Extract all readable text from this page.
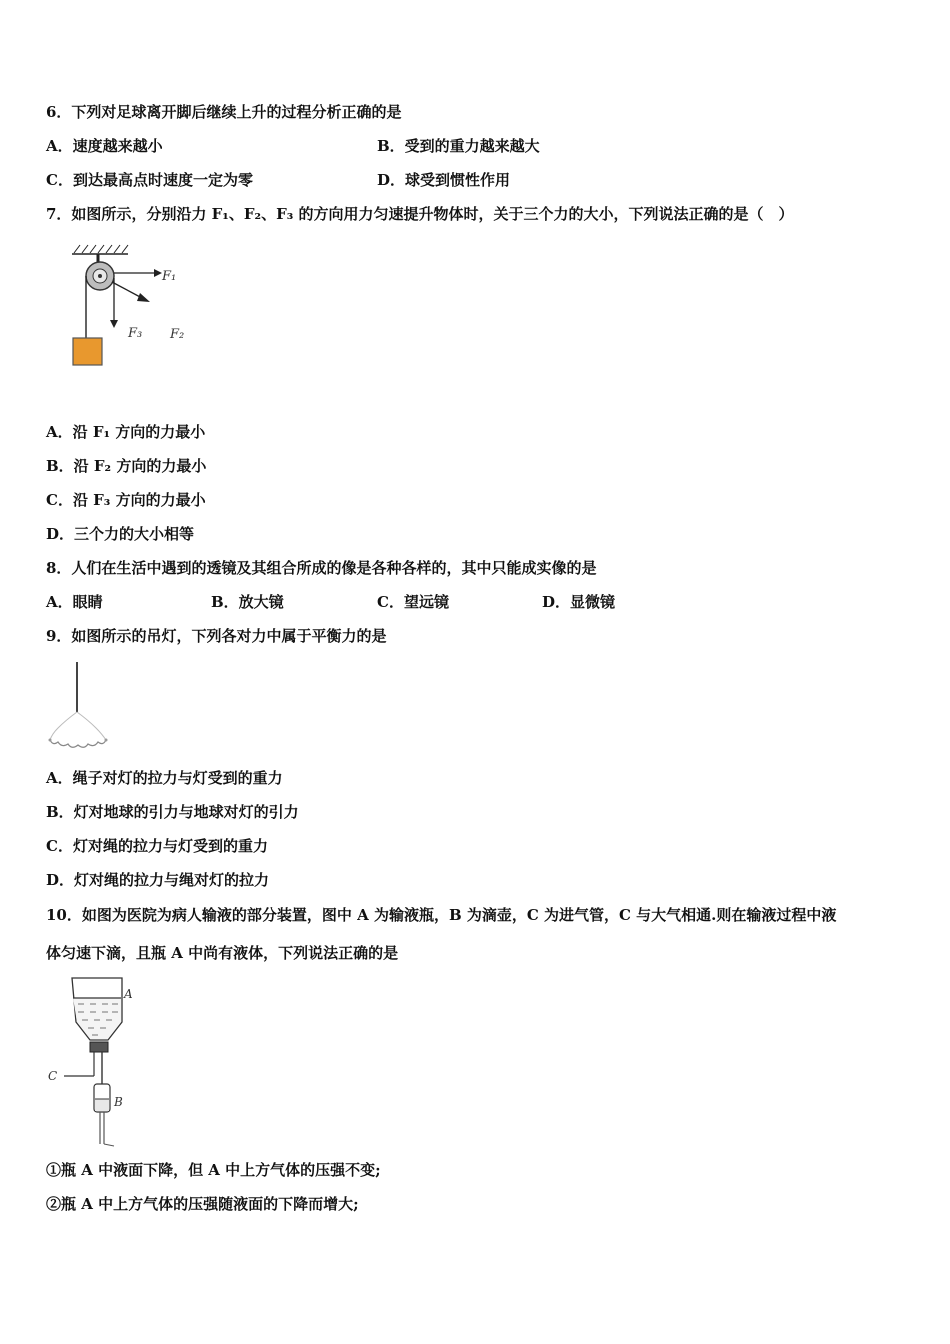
6．下列对足球离开脚后继续上升的过程分析正确的是
A．速度越来越小	B．受到的重力越来越大
C．到达最高点时速度一定为零	D．球受到惯性作用
7．如图所示，分别沿力 F₁、F₂、F₃ 的方向用力匀速提升物体时，关于三个力的大小，下列说法正确的是（　）
F₁
F₂
F₃
A．沿 F₁ 方向的力最小
B．沿 F₂ 方向的力最小
C．沿 F₃ 方向的力最小
D．三个力的大小相等
8．人们在生活中遇到的透镜及其组合所成的像是各种各样的，其中只能成实像的是
A．眼睛	B．放大镜	C．望远镜	D．显微镜
9．如图所示的吊灯，下列各对力中属于平衡力的是
A．绳子对灯的拉力与灯受到的重力
B．灯对地球的引力与地球对灯的引力
C．灯对绳的拉力与灯受到的重力
D．灯对绳的拉力与绳对灯的拉力
10．如图为医院为病人输液的部分装置，图中 A 为输液瓶，B 为滴壶，C 为进气管，C 与大气相通.则在输液过程中液
体匀速下滴，且瓶 A 中尚有液体，下列说法正确的是
A
C
B
①瓶 A 中液面下降，但 A 中上方气体的压强不变;
②瓶 A 中上方气体的压强随液面的下降而增大;
